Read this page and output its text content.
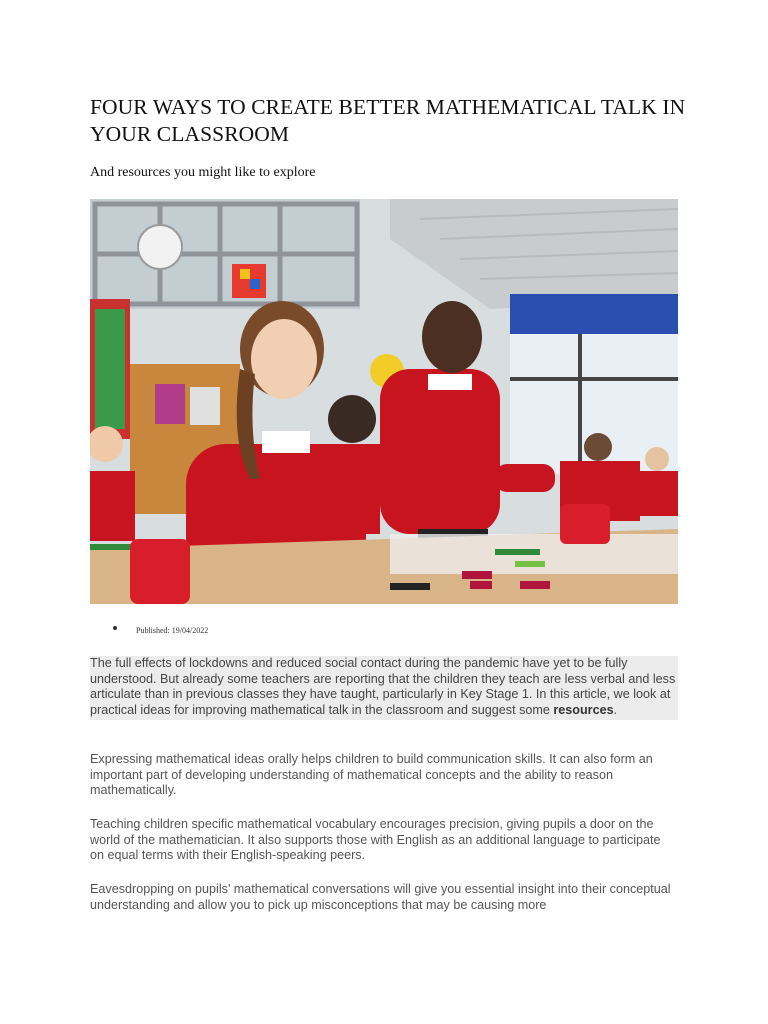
FOUR WAYS TO CREATE BETTER MATHEMATICAL TALK IN YOUR CLASSROOM

And resources you might like to explore

Published: 19/04/2022

The full effects of lockdowns and reduced social contact during the pandemic have yet to be fully understood. But already some teachers are reporting that the children they teach are less verbal and less articulate than in previous classes they have taught, particularly in Key Stage 1. In this article, we look at practical ideas for improving mathematical talk in the classroom and suggest some resources.

Expressing mathematical ideas orally helps children to build communication skills. It can also form an important part of developing understanding of mathematical concepts and the ability to reason mathematically.

Teaching children specific mathematical vocabulary encourages precision, giving pupils a door on the world of the mathematician. It also supports those with English as an additional language to participate on equal terms with their English-speaking peers.

Eavesdropping on pupils’ mathematical conversations will give you essential insight into their conceptual understanding and allow you to pick up misconceptions that may be causing more
